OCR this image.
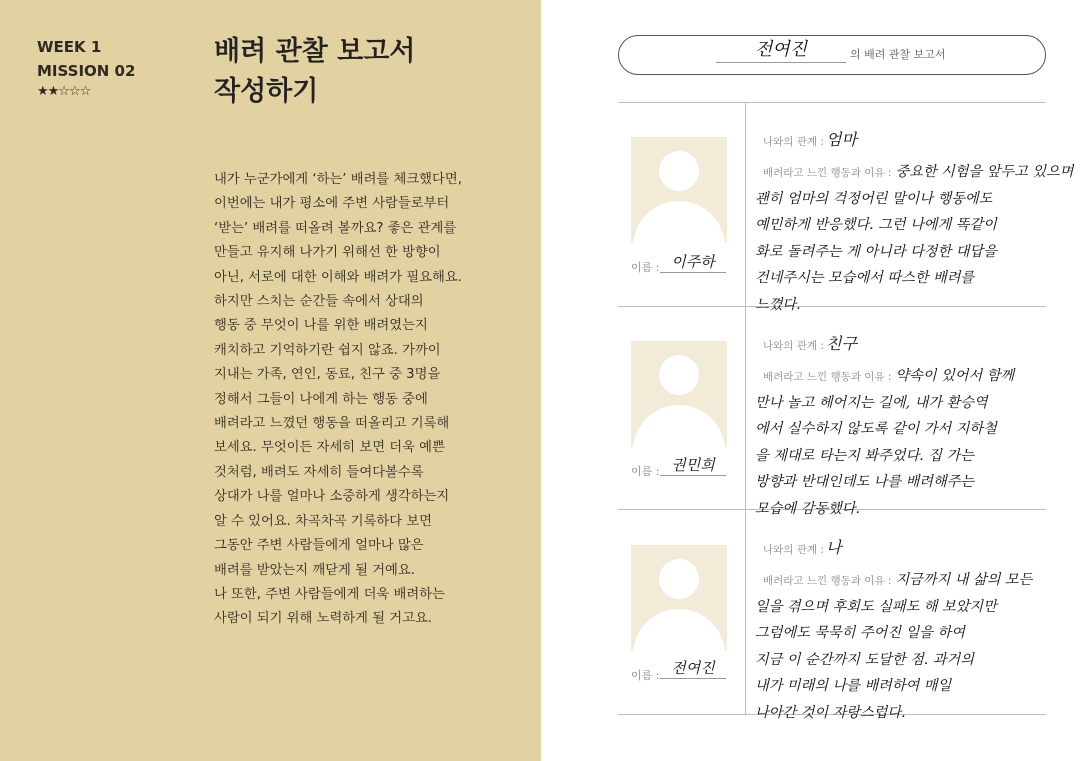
WEEK 1
MISSION 02
★★☆☆☆
배려 관찰 보고서
작성하기

내가 누군가에게 ‘하는’ 배려를 체크했다면,

이번에는 내가 평소에 주변 사람들로부터

‘받는’ 배려를 떠올려 볼까요? 좋은 관계를

만들고 유지해 나가기 위해선 한 방향이

아닌, 서로에 대한 이해와 배려가 필요해요.

하지만 스치는 순간들 속에서 상대의

행동 중 무엇이 나를 위한 배려였는지

캐치하고 기억하기란 쉽지 않죠. 가까이

지내는 가족, 연인, 동료, 친구 중 3명을

정해서 그들이 나에게 하는 행동 중에

배려라고 느꼈던 행동을 떠올리고 기록해

보세요. 무엇이든 자세히 보면 더욱 예쁜

것처럼, 배려도 자세히 들여다볼수록

상대가 나를 얼마나 소중하게 생각하는지

알 수 있어요. 차곡차곡 기록하다 보면

그동안 주변 사람들에게 얼마나 많은

배려를 받았는지 깨닫게 될 거예요.

나 또한, 주변 사람들에게 더욱 배려하는

사람이 되기 위해 노력하게 될 거고요.

전여진	의 배려 관찰 보고서
이름 : 이주하
나와의 관계 : 엄마

배려라고 느낀 행동과 이유 : 중요한 시험을 앞두고 있으며

괜히 엄마의 걱정어린 말이나 행동에도

예민하게 반응했다. 그런 나에게 똑같이

화로 돌려주는 게 아니라 다정한 대답을

건네주시는 모습에서 따스한 배려를

느꼈다.

이름 : 권민희
나와의 관계 : 친구

배려라고 느낀 행동과 이유 : 약속이 있어서 함께

만나 놀고 헤어지는 길에, 내가 환승역

에서 실수하지 않도록 같이 가서 지하철

을 제대로 타는지 봐주었다. 집 가는

방향과 반대인데도 나를 배려해주는

모습에 감동했다.

이름 : 전여진
나와의 관계 : 나

배려라고 느낀 행동과 이유 : 지금까지 내 삶의 모든

일을 겪으며 후회도 실패도 해 보았지만

그럼에도 묵묵히 주어진 일을 하여

지금 이 순간까지 도달한 점. 과거의

내가 미래의 나를 배려하여 매일

나아간 것이 자랑스럽다.
